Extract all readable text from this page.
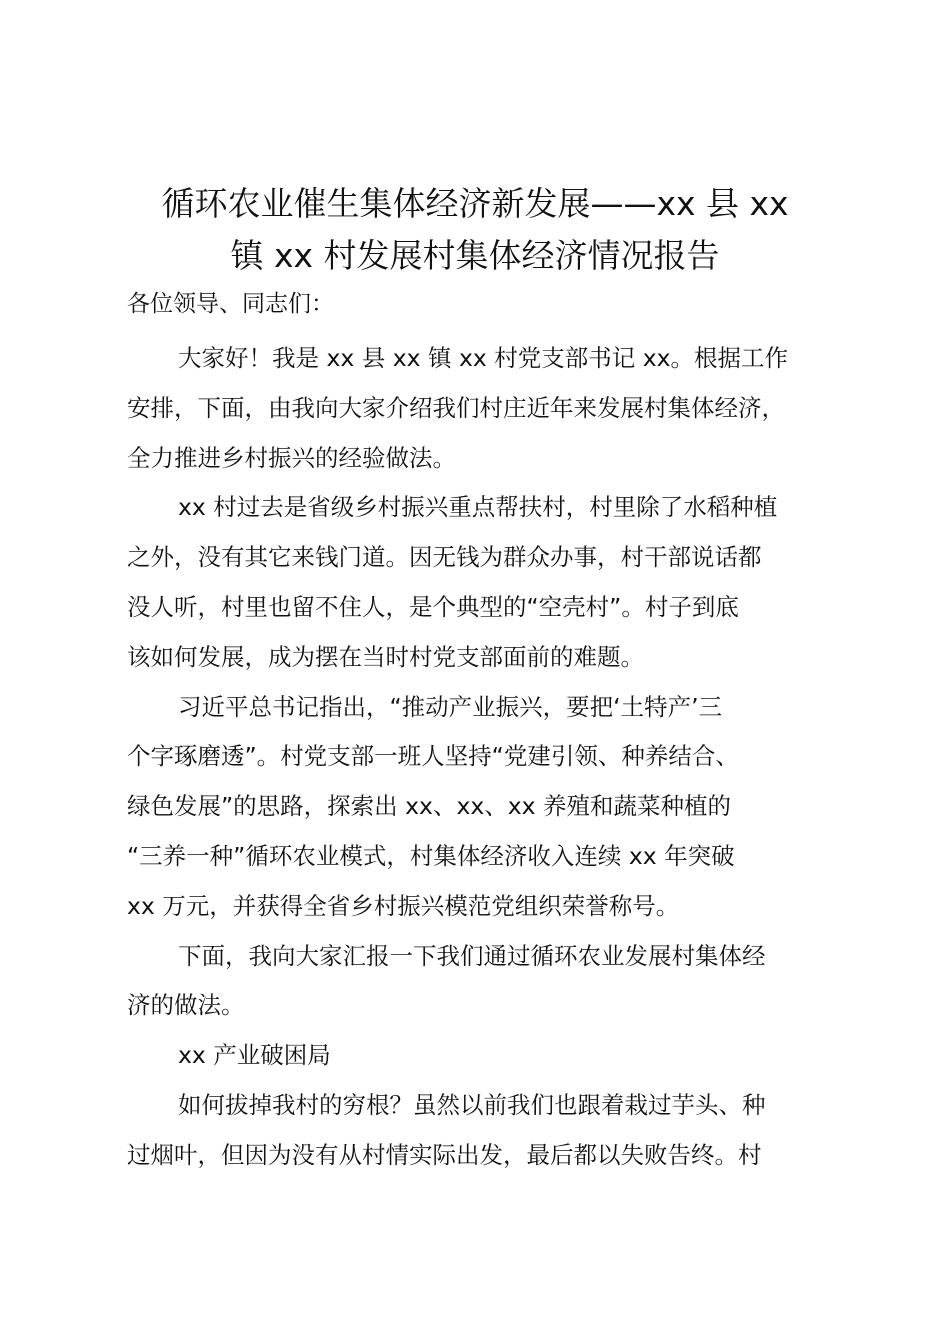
循环农业催生集体经济新发展——xx 县 xx
镇 xx 村发展村集体经济情况报告
各位领导、同志们：
大家好！我是 xx 县 xx 镇 xx 村党支部书记 xx。根据工作
安排，下面，由我向大家介绍我们村庄近年来发展村集体经济，
全力推进乡村振兴的经验做法。
xx 村过去是省级乡村振兴重点帮扶村，村里除了水稻种植
之外，没有其它来钱门道。因无钱为群众办事，村干部说话都
没人听，村里也留不住人，是个典型的“空壳村”。村子到底
该如何发展，成为摆在当时村党支部面前的难题。
习近平总书记指出，“推动产业振兴，要把‘土特产’三
个字琢磨透”。村党支部一班人坚持“党建引领、种养结合、
绿色发展”的思路，探索出 xx、xx、xx 养殖和蔬菜种植的
“三养一种”循环农业模式，村集体经济收入连续 xx 年突破
xx 万元，并获得全省乡村振兴模范党组织荣誉称号。
下面，我向大家汇报一下我们通过循环农业发展村集体经
济的做法。
xx 产业破困局
如何拔掉我村的穷根？虽然以前我们也跟着栽过芋头、种
过烟叶，但因为没有从村情实际出发，最后都以失败告终。村
